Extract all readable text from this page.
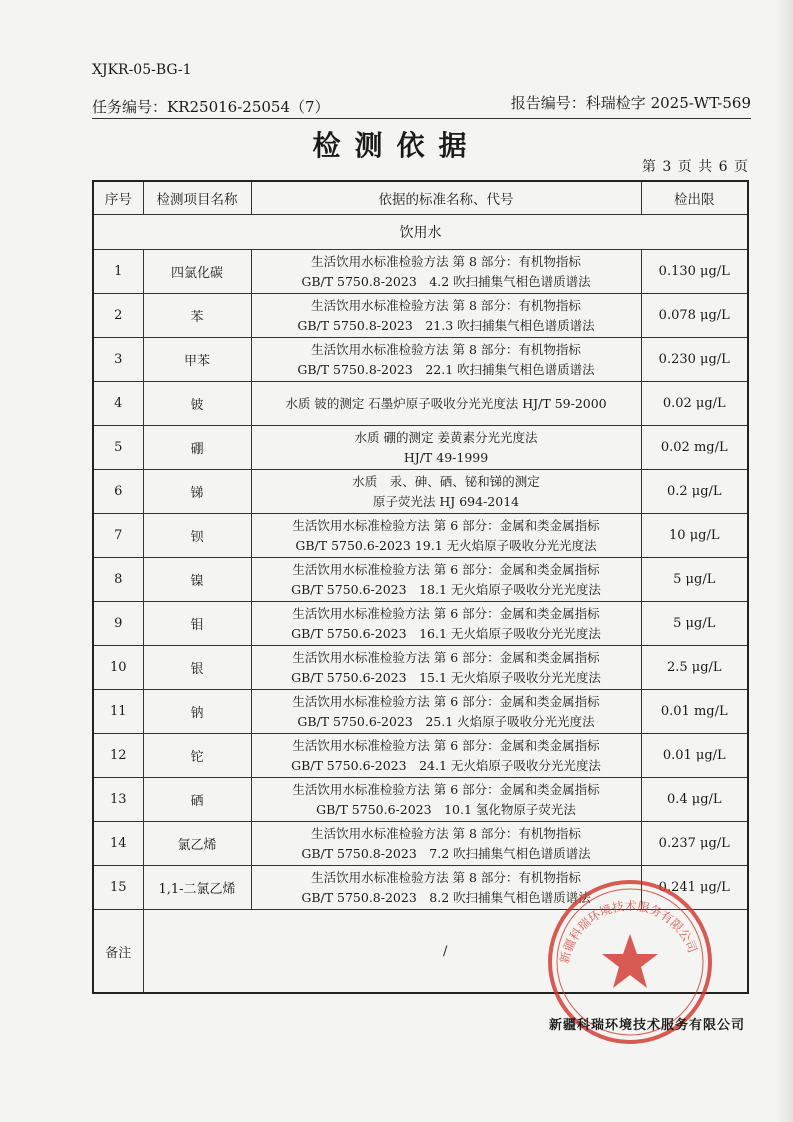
XJKR-05-BG-1
任务编号：KR25016-25054（7）	报告编号：科瑞检字 2025-WT-569
检测依据
第 3 页 共 6 页
序号	检测项目名称	依据的标准名称、代号	检出限
饮用水			
1	四氯化碳	生活饮用水标准检验方法 第 8 部分：有机物指标
GB/T 5750.8-2023　4.2 吹扫捕集气相色谱质谱法	0.130 μg/L
2	苯	生活饮用水标准检验方法 第 8 部分：有机物指标
GB/T 5750.8-2023　21.3 吹扫捕集气相色谱质谱法	0.078 μg/L
3	甲苯	生活饮用水标准检验方法 第 8 部分：有机物指标
GB/T 5750.8-2023　22.1 吹扫捕集气相色谱质谱法	0.230 μg/L
4	铍	水质 铍的测定 石墨炉原子吸收分光光度法 HJ/T 59-2000	0.02 μg/L
5	硼	水质 硼的测定 姜黄素分光光度法
HJ/T 49-1999	0.02 mg/L
6	锑	水质　汞、砷、硒、铋和锑的测定
原子荧光法 HJ 694-2014	0.2 μg/L
7	钡	生活饮用水标准检验方法 第 6 部分：金属和类金属指标
GB/T 5750.6-2023 19.1 无火焰原子吸收分光光度法	10 μg/L
8	镍	生活饮用水标准检验方法 第 6 部分：金属和类金属指标
GB/T 5750.6-2023　18.1 无火焰原子吸收分光光度法	5 μg/L
9	钼	生活饮用水标准检验方法 第 6 部分：金属和类金属指标
GB/T 5750.6-2023　16.1 无火焰原子吸收分光光度法	5 μg/L
10	银	生活饮用水标准检验方法 第 6 部分：金属和类金属指标
GB/T 5750.6-2023　15.1 无火焰原子吸收分光光度法	2.5 μg/L
11	钠	生活饮用水标准检验方法 第 6 部分：金属和类金属指标
GB/T 5750.6-2023　25.1 火焰原子吸收分光光度法	0.01 mg/L
12	铊	生活饮用水标准检验方法 第 6 部分：金属和类金属指标
GB/T 5750.6-2023　24.1 无火焰原子吸收分光光度法	0.01 μg/L
13	硒	生活饮用水标准检验方法 第 6 部分：金属和类金属指标
GB/T 5750.6-2023　10.1 氢化物原子荧光法	0.4 μg/L
14	氯乙烯	生活饮用水标准检验方法 第 8 部分：有机物指标
GB/T 5750.8-2023　7.2 吹扫捕集气相色谱质谱法	0.237 μg/L
15	1,1-二氯乙烯	生活饮用水标准检验方法 第 8 部分：有机物指标
GB/T 5750.8-2023　8.2 吹扫捕集气相色谱质谱法	0.241 μg/L
备注	/			新疆科瑞环境技术服务有限公司
新疆科瑞环境技术服务有限公司
